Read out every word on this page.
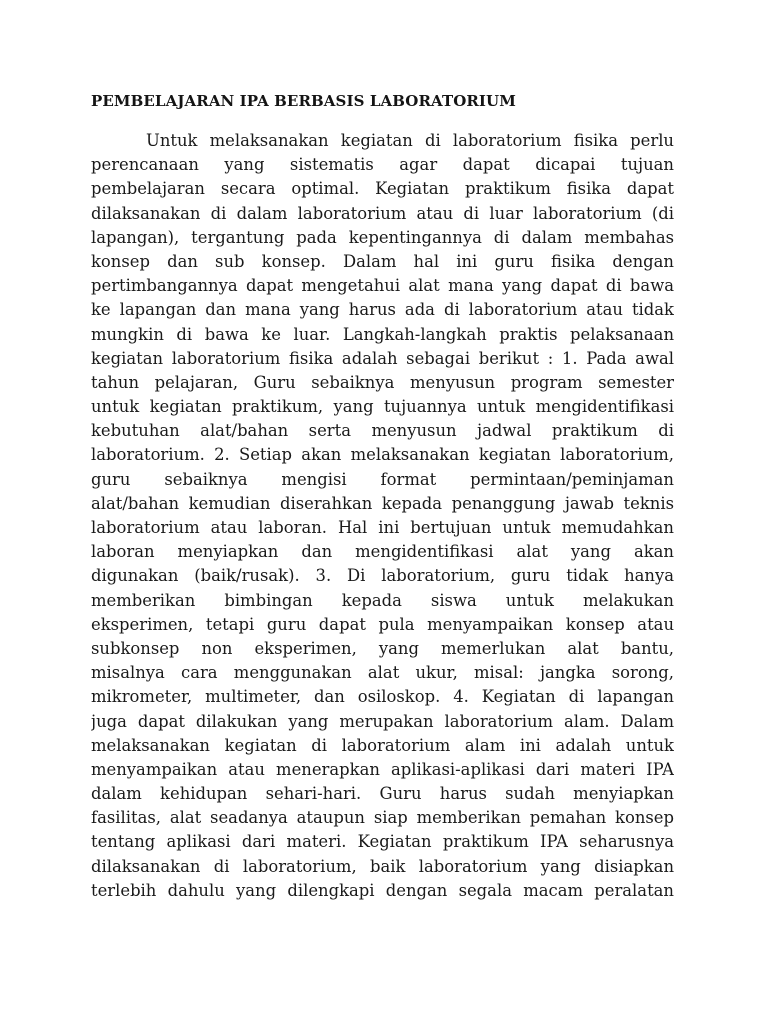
PEMBELAJARAN IPA BERBASIS LABORATORIUM
Untuk melaksanakan kegiatan di laboratorium fisika perlu
perencanaan yang sistematis agar dapat dicapai tujuan
pembelajaran secara optimal. Kegiatan praktikum fisika dapat
dilaksanakan di dalam laboratorium atau di luar laboratorium (di
lapangan), tergantung pada kepentingannya di dalam membahas
konsep dan sub konsep. Dalam hal ini guru fisika dengan
pertimbangannya dapat mengetahui alat mana yang dapat di bawa
ke lapangan dan mana yang harus ada di laboratorium atau tidak
mungkin di bawa ke luar. Langkah-langkah praktis pelaksanaan
kegiatan laboratorium fisika adalah sebagai berikut : 1. Pada awal
tahun pelajaran, Guru sebaiknya menyusun program semester
untuk kegiatan praktikum, yang tujuannya untuk mengidentifikasi
kebutuhan alat/bahan serta menyusun jadwal praktikum di
laboratorium. 2. Setiap akan melaksanakan kegiatan laboratorium,
guru sebaiknya mengisi format permintaan/peminjaman
alat/bahan kemudian diserahkan kepada penanggung jawab teknis
laboratorium atau laboran. Hal ini bertujuan untuk memudahkan
laboran menyiapkan dan mengidentifikasi alat yang akan
digunakan (baik/rusak). 3. Di laboratorium, guru tidak hanya
memberikan bimbingan kepada siswa untuk melakukan
eksperimen, tetapi guru dapat pula menyampaikan konsep atau
subkonsep non eksperimen, yang memerlukan alat bantu,
misalnya cara menggunakan alat ukur, misal: jangka sorong,
mikrometer, multimeter, dan osiloskop. 4. Kegiatan di lapangan
juga dapat dilakukan yang merupakan laboratorium alam. Dalam
melaksanakan kegiatan di laboratorium alam ini adalah untuk
menyampaikan atau menerapkan aplikasi-aplikasi dari materi IPA
dalam kehidupan sehari-hari. Guru harus sudah menyiapkan
fasilitas, alat seadanya ataupun siap memberikan pemahan konsep
tentang aplikasi dari materi. Kegiatan praktikum IPA seharusnya
dilaksanakan di laboratorium, baik laboratorium yang disiapkan
terlebih dahulu yang dilengkapi dengan segala macam peralatan
